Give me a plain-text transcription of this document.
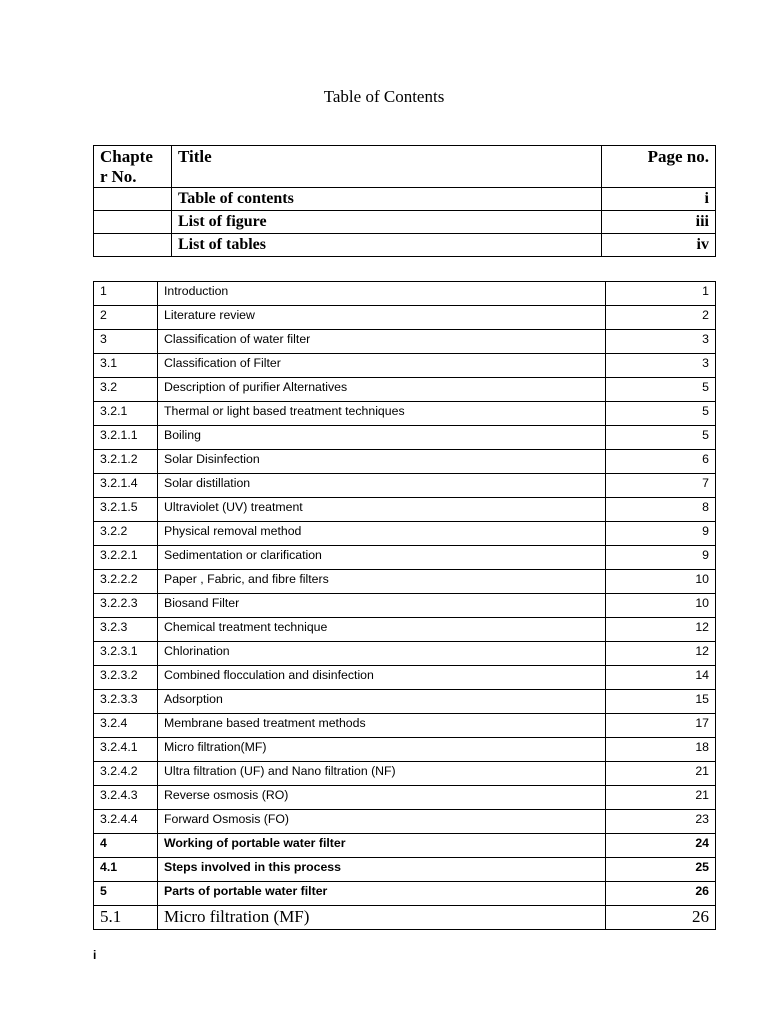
Table of Contents
Chapte
r No.	Title	Page no.
	Table of contents	i
	List of figure	iii
	List of tables	iv
1	Introduction	1
2	Literature review	2
3	Classification of water filter	3
3.1	Classification of Filter	3
3.2	Description of purifier Alternatives	5
3.2.1	Thermal or light based treatment techniques	5
3.2.1.1	Boiling	5
3.2.1.2	Solar Disinfection	6
3.2.1.4	Solar distillation	7
3.2.1.5	Ultraviolet (UV) treatment	8
3.2.2	Physical removal method	9
3.2.2.1	Sedimentation or clarification	9
3.2.2.2	Paper , Fabric, and fibre filters	10
3.2.2.3	Biosand Filter	10
3.2.3	Chemical treatment technique	12
3.2.3.1	Chlorination	12
3.2.3.2	Combined flocculation and disinfection	14
3.2.3.3	Adsorption	15
3.2.4	Membrane based treatment methods	17
3.2.4.1	Micro filtration(MF)	18
3.2.4.2	Ultra filtration (UF) and Nano filtration (NF)	21
3.2.4.3	Reverse osmosis (RO)	21
3.2.4.4	Forward Osmosis (FO)	23
4	Working of portable water filter	24
4.1	Steps involved in this process	25
5	Parts of portable water filter	26
5.1	Micro filtration (MF)	26
i
